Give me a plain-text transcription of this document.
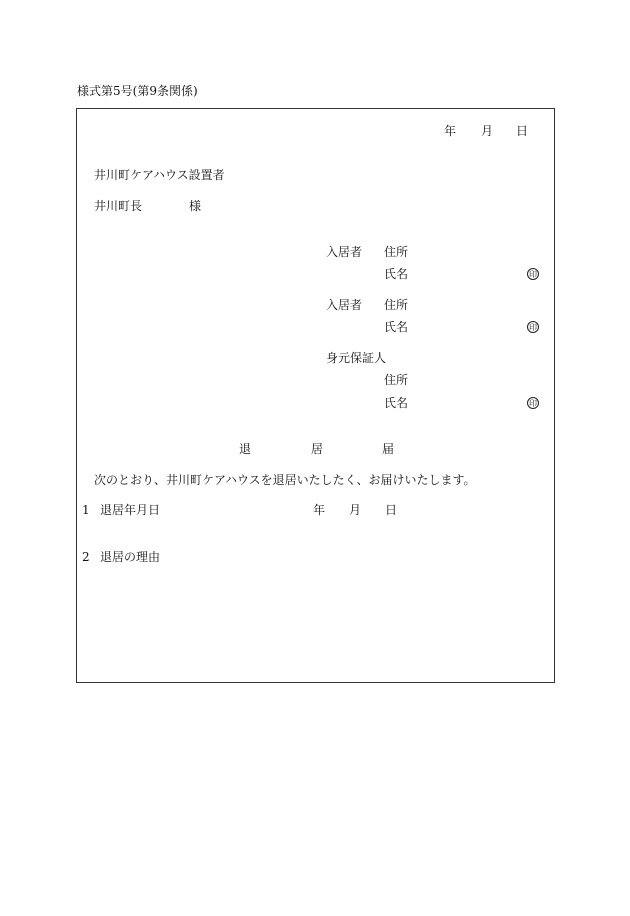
様式第5号(第9条関係)
年 月 日
井川町ケアハウス設置者
井川町長	様
入居者 住所
氏名	印
入居者 住所
氏名	印
身元保証人
住所
氏名	印
退	居	届
次のとおり、井川町ケアハウスを退居いたしたく、お届けいたします。
1 退居年月日	年 月 日
2 退居の理由
